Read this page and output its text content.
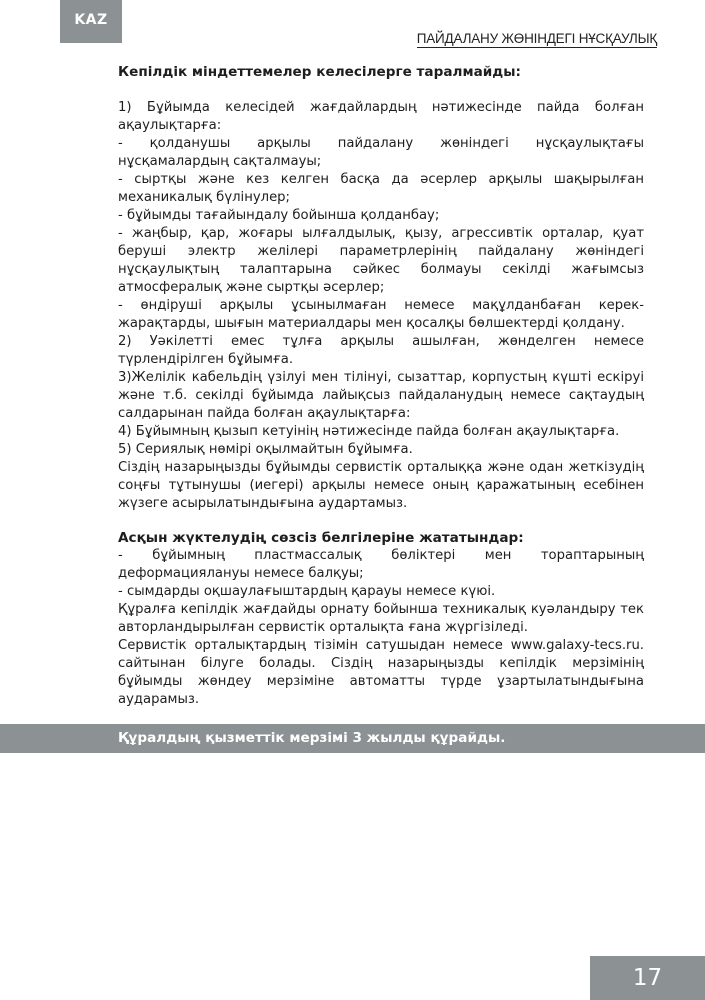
KAZ
ПАЙДАЛАНУ ЖӨНІНДЕГІ НҰСҚАУЛЫҚ

Кепілдік міндеттемелер келесілерге таралмайды:

1) Бұйымда келесідей жағдайлардың нәтижесінде пайда болған ақаулықтарға:

- қолданушы арқылы пайдалану жөніндегі нұсқаулықтағы нұсқамалардың сақталмауы;

- сыртқы және кез келген басқа да әсерлер арқылы шақырылған механикалық бүлінулер;

- бұйымды тағайындалу бойынша қолданбау;

- жаңбыр, қар, жоғары ылғалдылық, қызу, агрессивтік орталар, қуат беруші электр желілері параметрлерінің пайдалану жөніндегі нұсқаулықтың талаптарына сәйкес болмауы секілді жағымсыз атмосфералық және сыртқы әсерлер;

- өндіруші арқылы ұсынылмаған немесе мақұлданбаған керек-жарақтарды, шығын материалдары мен қосалқы бөлшектерді қолдану.

2) Уәкілетті емес тұлға арқылы ашылған, жөнделген немесе түрлендірілген бұйымға.

3)Желілік кабельдің үзілуі мен тілінуі, сызаттар, корпустың күшті ескіруі және т.б. секілді бұйымда лайықсыз пайдаланудың немесе сақтаудың салдарынан пайда болған ақаулықтарға:

4) Бұйымның қызып кетуінің нәтижесінде пайда болған ақаулықтарға.

5) Сериялық нөмірі оқылмайтын бұйымға.

Сіздің назарыңызды бұйымды сервистік орталыққа және одан жеткізудің соңғы тұтынушы (иегері) арқылы немесе оның қаражатының есебінен жүзеге асырылатындығына аудартамыз.

Асқын жүктелудің сөзсіз белгілеріне жататындар:

- бұйымның пластмассалық бөліктері мен тораптарының деформациялануы немесе балқуы;

- сымдарды оқшаулағыштардың қарауы немесе күюі.

Құралға кепілдік жағдайды орнату бойынша техникалық куәландыру тек авторландырылған сервистік орталықта ғана жүргізіледі.

Сервистік орталықтардың тізімін сатушыдан немесе www.galaxy-tecs.ru. сайтынан білуге болады. Сіздің назарыңызды кепілдік мерзімінің бұйымды жөндеу мерзіміне автоматты түрде ұзартылатындығына аударамыз.

Құралдың қызметтік мерзімі 3 жылды құрайды.
17
